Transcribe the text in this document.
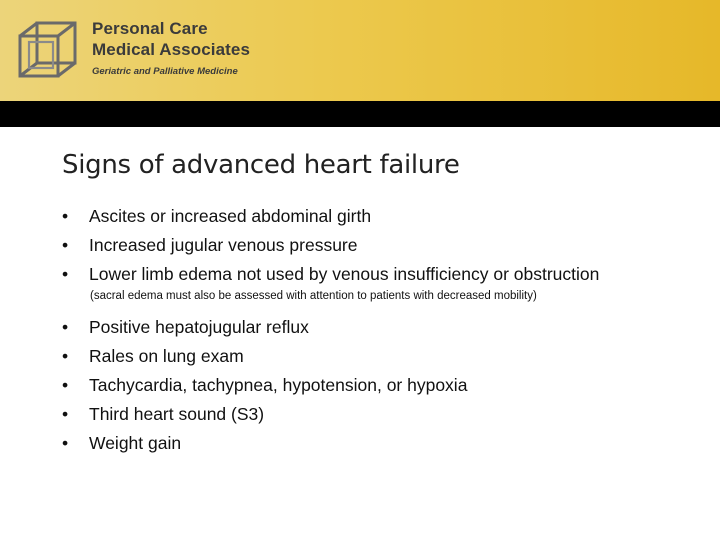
Personal Care
Medical Associates
Geriatric and Palliative Medicine
Signs of advanced heart failure
•	Ascites or increased abdominal girth
•	Increased jugular venous pressure
•	Lower limb edema not used by venous insufficiency or obstruction
(sacral edema must also be assessed with attention to patients with decreased mobility)
•	Positive hepatojugular reflux
•	Rales on lung exam
•	Tachycardia, tachypnea, hypotension, or hypoxia
•	Third heart sound (S3)
•	Weight gain
